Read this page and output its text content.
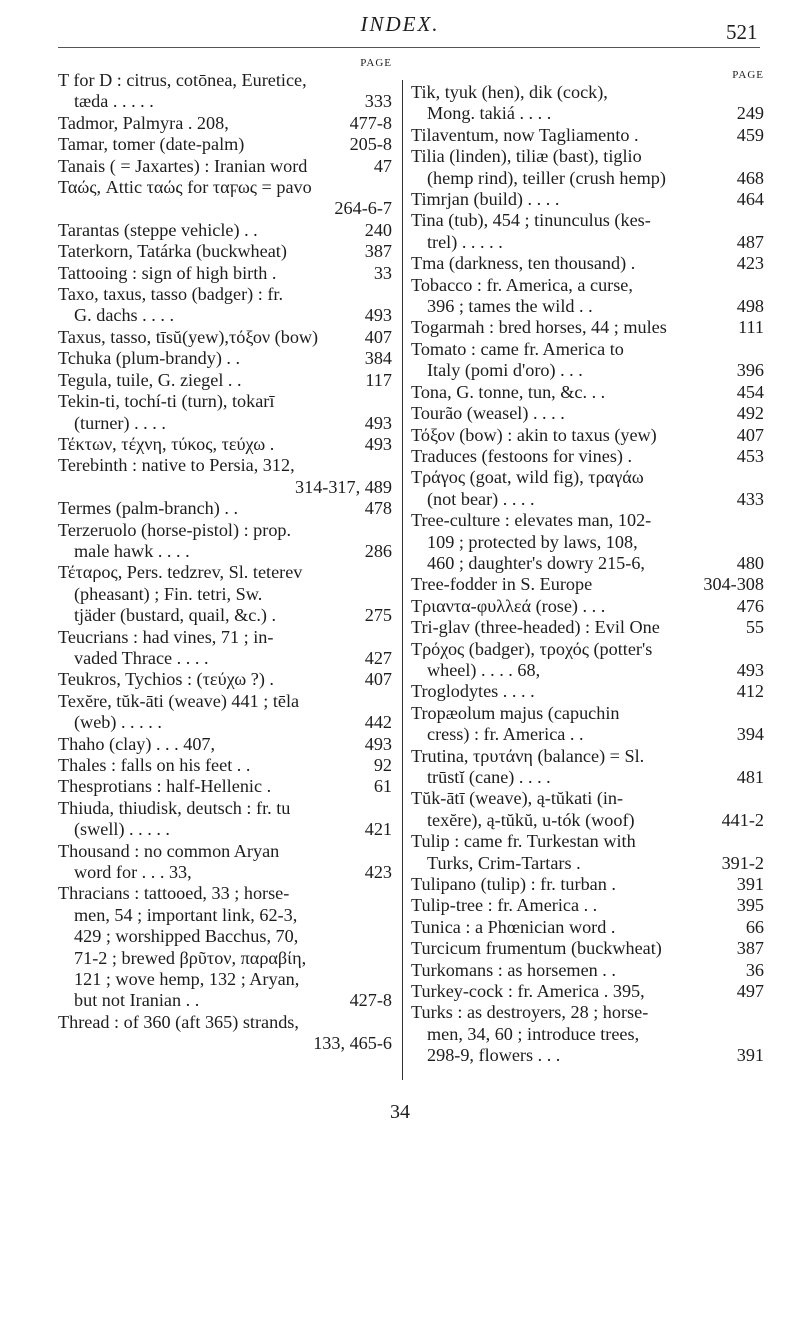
INDEX.	521
PAGE
T for D : citrus, cotōnea, Euretice,
tæda . . . . .	333
Tadmor, Palmyra . 208,	477-8
Tamar, tomer (date-palm)	205-8
Tanais ( = Jaxartes) : Iranian word	47
Ταώς, Attic ταώς for ταϝως = pavo
264-6-7
Tarantas (steppe vehicle) . .	240
Taterkorn, Tatárka (buckwheat)	387
Tattooing : sign of high birth .	33
Taxo, taxus, tasso (badger) : fr.
G. dachs . . . .	493
Taxus, tasso, tīsŭ(yew),τόξον (bow)	407
Tchuka (plum-brandy) . .	384
Tegula, tuile, G. ziegel . .	117
Tekin-ti, tochí-ti (turn), tokarī
(turner) . . . .	493
Τέκτων, τέχνη, τύκος, τεύχω .	493
Terebinth : native to Persia, 312,
314-317, 489
Termes (palm-branch) . .	478
Terzeruolo (horse-pistol) : prop.
male hawk . . . .	286
Τέταρος, Pers. tedzrev, Sl. teterev
(pheasant) ; Fin. tetri, Sw.
tjäder (bustard, quail, &c.) .	275
Teucrians : had vines, 71 ; in-
vaded Thrace . . . .	427
Teukros, Tychios : (τεύχω ?) .	407
Texĕre, tŭk-āti (weave) 441 ; tēla
(web) . . . . .	442
Thaho (clay) . . . 407,	493
Thales : falls on his feet . .	92
Thesprotians : half-Hellenic .	61
Thiuda, thiudisk, deutsch : fr. tu
(swell) . . . . .	421
Thousand : no common Aryan
word for . . . 33,	423
Thracians : tattooed, 33 ; horse-
men, 54 ; important link, 62-3,
429 ; worshipped Bacchus, 70,
71-2 ; brewed βρῦτον, παραβίη,
121 ; wove hemp, 132 ; Aryan,
but not Iranian . .	427-8
Thread : of 360 (aft 365) strands,
133, 465-6
PAGE
Tik, tyuk (hen), dik (cock),
Mong. takiá . . . .	249
Tilaventum, now Tagliamento .	459
Tilia (linden), tiliæ (bast), tiglio
(hemp rind), teiller (crush hemp)	468
Timrjan (build) . . . .	464
Tina (tub), 454 ; tinunculus (kes-
trel) . . . . .	487
Tma (darkness, ten thousand) .	423
Tobacco : fr. America, a curse,
396 ; tames the wild . .	498
Togarmah : bred horses, 44 ; mules	111
Tomato : came fr. America to
Italy (pomi d'oro) . . .	396
Tona, G. tonne, tun, &c. . .	454
Tourão (weasel) . . . .	492
Τόξον (bow) : akin to taxus (yew)	407
Traduces (festoons for vines) .	453
Τράγος (goat, wild fig), τραγάω
(not bear) . . . .	433
Tree-culture : elevates man, 102-
109 ; protected by laws, 108,
460 ; daughter's dowry 215-6,	480
Tree-fodder in S. Europe	304-308
Τριαντα-φυλλεά (rose) . . .	476
Tri-glav (three-headed) : Evil One	55
Τρόχος (badger), τροχός (potter's
wheel) . . . . 68,	493
Troglodytes . . . .	412
Tropæolum majus (capuchin
cress) : fr. America . .	394
Trutina, τρυτάνη (balance) = Sl.
trūstĭ (cane) . . . .	481
Tŭk-ātī (weave), ą-tŭkati (in-
texĕre), ą-tŭkŭ, u-tók (woof)	441-2
Tulip : came fr. Turkestan with
Turks, Crim-Tartars .	391-2
Tulipano (tulip) : fr. turban .	391
Tulip-tree : fr. America . .	395
Tunica : a Phœnician word .	66
Turcicum frumentum (buckwheat)	387
Turkomans : as horsemen . .	36
Turkey-cock : fr. America . 395,	497
Turks : as destroyers, 28 ; horse-
men, 34, 60 ; introduce trees,
298-9, flowers . . .	391
34
